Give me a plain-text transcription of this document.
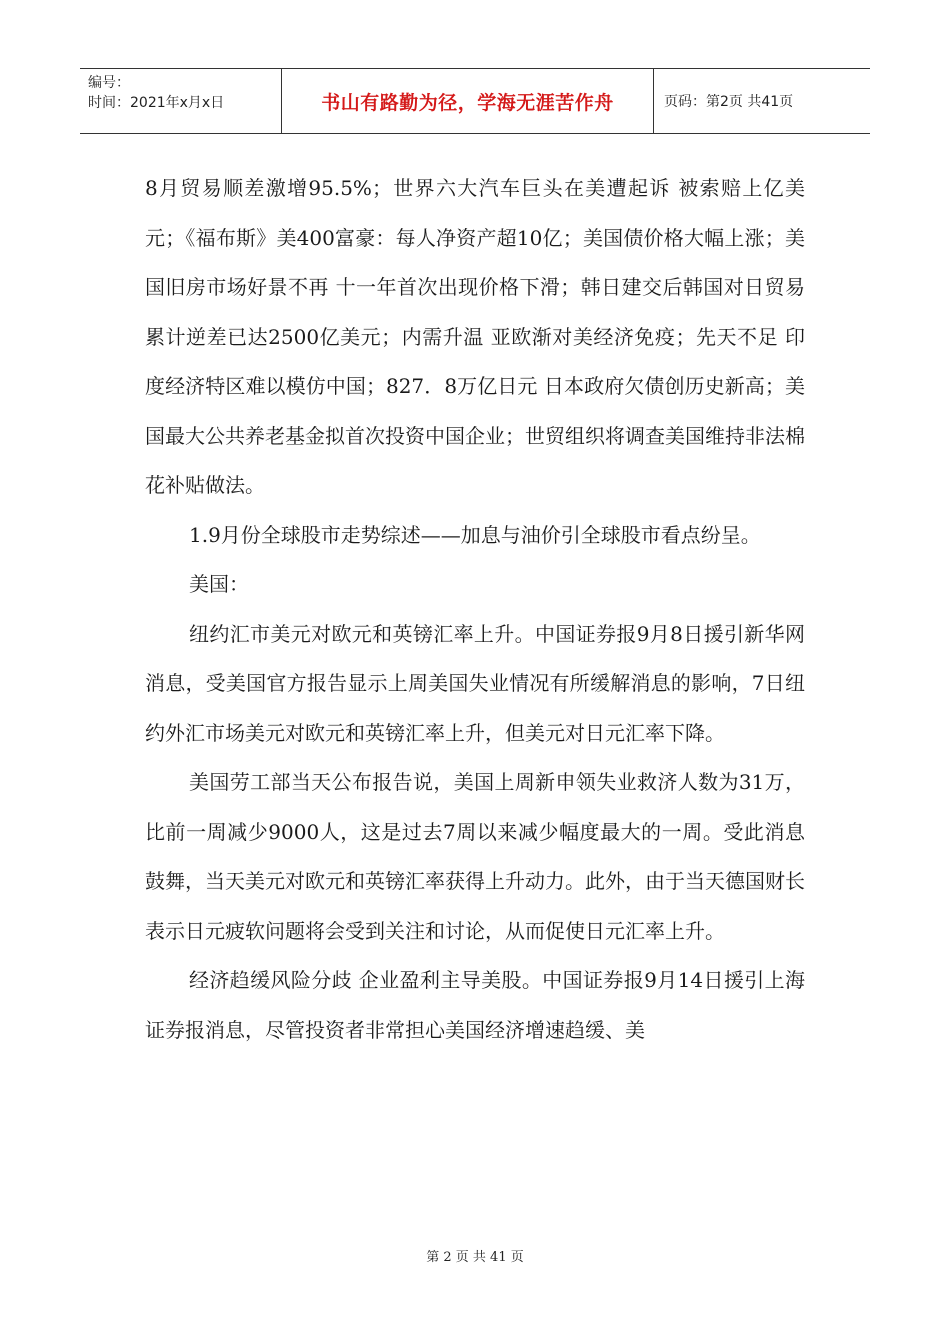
编号：
时间：2021年x月x日	书山有路勤为径，学海无涯苦作舟	页码：第2页 共41页

8月贸易顺差激增95.5%；世界六大汽车巨头在美遭起诉 被索赔上亿美元；《福布斯》美400富豪：每人净资产超10亿；美国债价格大幅上涨；美国旧房市场好景不再 十一年首次出现价格下滑；韩日建交后韩国对日贸易累计逆差已达2500亿美元；内需升温 亚欧渐对美经济免疫；先天不足 印度经济特区难以模仿中国；827．8万亿日元 日本政府欠债创历史新高；美国最大公共养老基金拟首次投资中国企业；世贸组织将调查美国维持非法棉花补贴做法。

1.9月份全球股市走势综述——加息与油价引全球股市看点纷呈。

美国：

纽约汇市美元对欧元和英镑汇率上升。中国证券报9月8日援引新华网消息，受美国官方报告显示上周美国失业情况有所缓解消息的影响，7日纽约外汇市场美元对欧元和英镑汇率上升，但美元对日元汇率下降。

美国劳工部当天公布报告说，美国上周新申领失业救济人数为31万，比前一周减少9000人，这是过去7周以来减少幅度最大的一周。受此消息鼓舞，当天美元对欧元和英镑汇率获得上升动力。此外，由于当天德国财长表示日元疲软问题将会受到关注和讨论，从而促使日元汇率上升。

经济趋缓风险分歧 企业盈利主导美股。中国证券报9月14日援引上海证券报消息，尽管投资者非常担心美国经济增速趋缓、美

第 2 页 共 41 页
